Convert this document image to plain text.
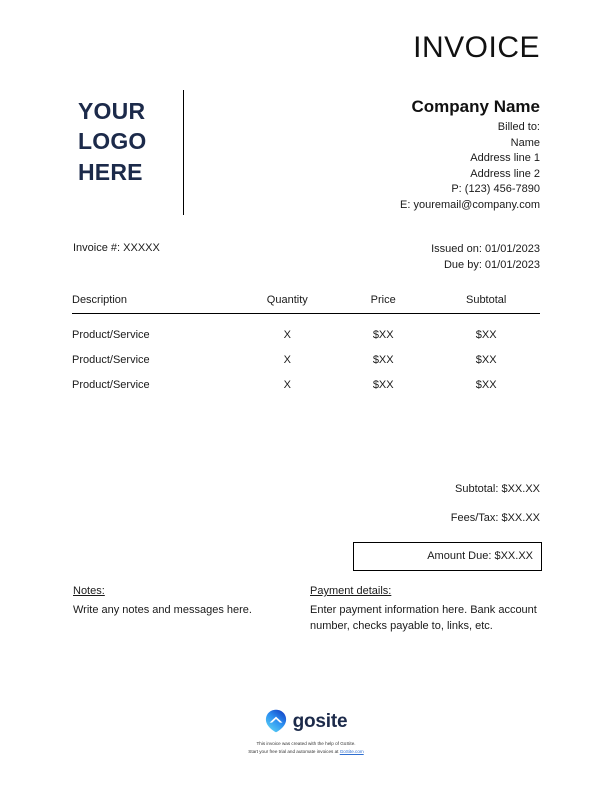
INVOICE
YOUR
LOGO
HERE
Company Name
Billed to:
Name
Address line 1
Address line 2
P: (123) 456-7890
E: youremail@company.com
Invoice #: XXXXX	Issued on: 01/01/2023
Due by: 01/01/2023
Description	Quantity	Price	Subtotal
Product/Service	X	$XX	$XX
Product/Service	X	$XX	$XX
Product/Service	X	$XX	$XX
Subtotal: $XX.XX
Fees/Tax: $XX.XX
Amount Due: $XX.XX
Notes:
Write any notes and messages here.
Payment details:
Enter payment information here. Bank account number, checks payable to, links, etc.
gosite
This invoice was created with the help of GoSite.
Start your free trial and automate invoices at GoSite.com
